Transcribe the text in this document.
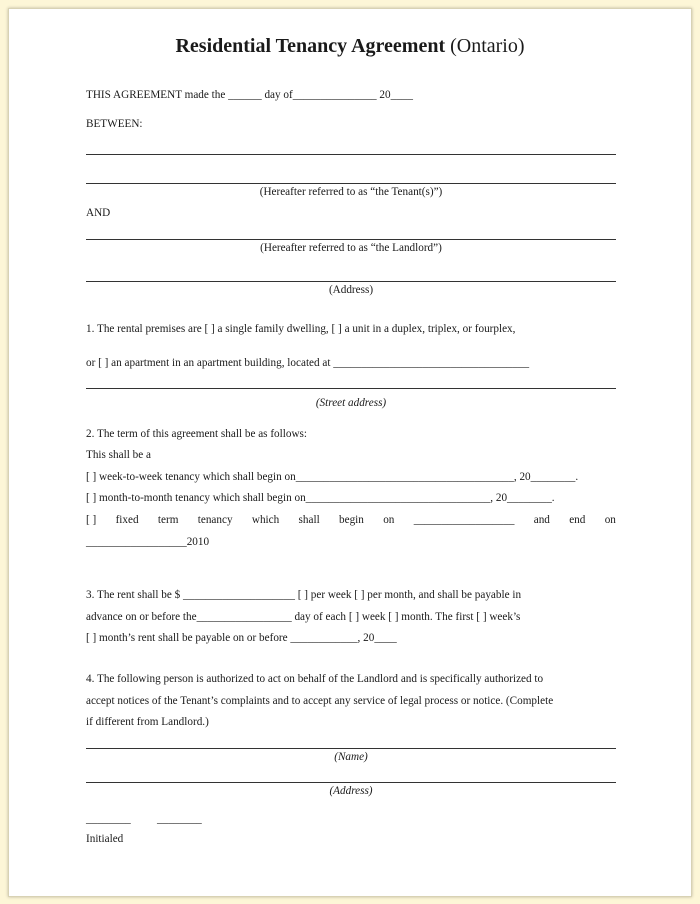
Residential Tenancy Agreement (Ontario)
THIS AGREEMENT made the ______ day of_______________ 20____
BETWEEN:
(Hereafter referred to as “the Tenant(s)”)
AND
(Hereafter referred to as “the Landlord”)
(Address)
1. The rental premises are [ ] a single family dwelling, [ ] a unit in a duplex, triplex, or fourplex,
or [ ] an apartment in an apartment building, located at ___________________________________
(Street address)
2. The term of this agreement shall be as follows:
This shall be a
[ ] week-to-week tenancy which shall begin on_______________________________________, 20________.
[ ] month-to-month tenancy which shall begin on_________________________________, 20________.
[ ] fixed term tenancy which shall begin on __________________ and end on
__________________2010
3. The rent shall be $ ____________________ [ ] per week [ ] per month, and shall be payable in
advance on or before the_________________ day of each [ ] week [ ] month. The first [ ] week’s
[ ] month’s rent shall be payable on or before ____________, 20____
4. The following person is authorized to act on behalf of the Landlord and is specifically authorized to
accept notices of the Tenant’s complaints and to accept any service of legal process or notice. (Complete
if different from Landlord.)
(Name)
(Address)
________ ________
Initialed
